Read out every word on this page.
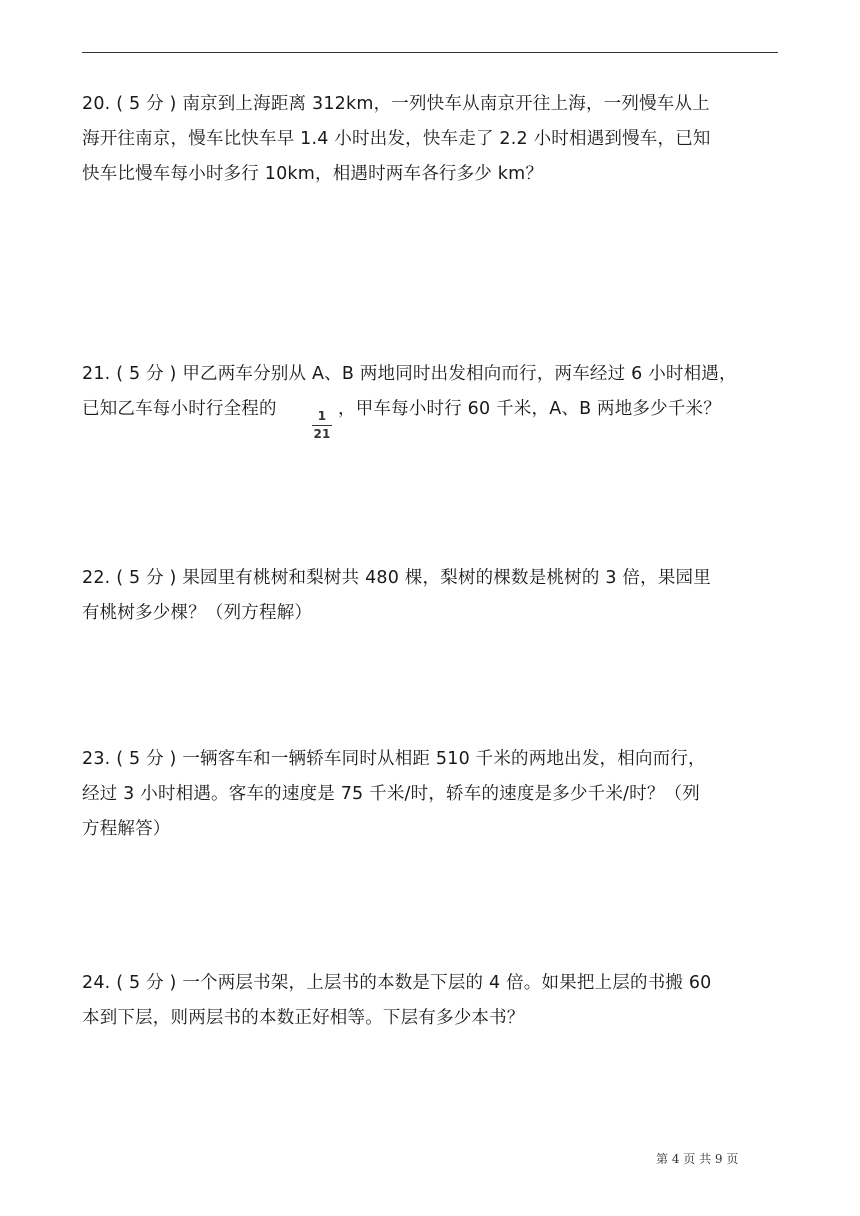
20. ( 5 分 ) 南京到上海距离 312km，一列快车从南京开往上海，一列慢车从上
海开往南京，慢车比快车早 1.4 小时出发，快车走了 2.2 小时相遇到慢车，已知
快车比慢车每小时多行 10km，相遇时两车各行多少 km？
21. ( 5 分 ) 甲乙两车分别从 A、B 两地同时出发相向而行，两车经过 6 小时相遇，
已知乙车每小时行全程的
$\frac{1}{21}$
，甲车每小时行 60 千米，A、B 两地多少千米？
22. ( 5 分 ) 果园里有桃树和梨树共 480 棵，梨树的棵数是桃树的 3 倍，果园里
有桃树多少棵？（列方程解）
23. ( 5 分 ) 一辆客车和一辆轿车同时从相距 510 千米的两地出发，相向而行，
经过 3 小时相遇。客车的速度是 75 千米/时，轿车的速度是多少千米/时？（列
方程解答）
24. ( 5 分 ) 一个两层书架，上层书的本数是下层的 4 倍。如果把上层的书搬 60
本到下层，则两层书的本数正好相等。下层有多少本书？
第 4 页 共 9 页
